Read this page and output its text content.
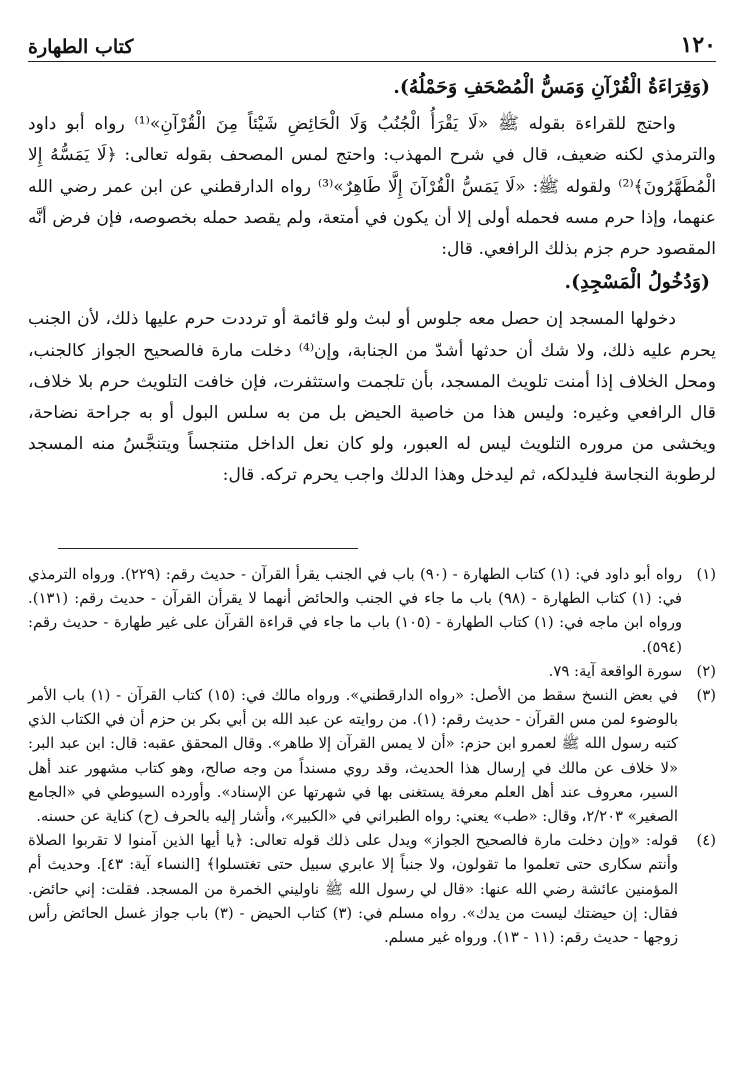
١٢٠
كتاب الطهارة

(وَقِرَاءَةُ الْقُرْآنِ وَمَسُّ الْمُصْحَفِ وَحَمْلُهُ).

واحتج للقراءة بقوله ﷺ «لَا يَقْرَأُ الْجُنُبُ وَلَا الْحَائِضِ شَيْئاً مِنَ الْقُرْآنِ»⁽¹⁾ رواه أبو داود والترمذي لكنه ضعيف، قال في شرح المهذب: واحتج لمس المصحف بقوله تعالى: ﴿لَا يَمَسُّهُ إِلا الْمُطَهَّرُونَ﴾⁽²⁾ ولقوله ﷺ: «لَا يَمَسُّ الْقُرْآنَ إِلَّا طَاهِرٌ»⁽³⁾ رواه الدارقطني عن ابن عمر رضي الله عنهما، وإذا حرم مسه فحمله أولى إلا أن يكون في أمتعة، ولم يقصد حمله بخصوصه، فإن فرض أنَّه المقصود حرم جزم بذلك الرافعي. قال:

(وَدُخُولُ الْمَسْجِدِ).

دخولها المسجد إن حصل معه جلوس أو لبث ولو قائمة أو ترددت حرم عليها ذلك، لأن الجنب يحرم عليه ذلك، ولا شك أن حدثها أشدّ من الجنابة، وإن⁽⁴⁾ دخلت مارة فالصحيح الجواز كالجنب، ومحل الخلاف إذا أمنت تلويث المسجد، بأن تلجمت واستثفرت، فإن خافت التلويث حرم بلا خلاف، قال الرافعي وغيره: وليس هذا من خاصية الحيض بل من به سلس البول أو به جراحة نضاحة، ويخشى من مروره التلويث ليس له العبور، ولو كان نعل الداخل متنجساً ويتنجَّسُ منه المسجد لرطوبة النجاسة فليدلكه، ثم ليدخل وهذا الدلك واجب يحرم تركه. قال:

(١)
رواه أبو داود في: (١) كتاب الطهارة - (٩٠) باب في الجنب يقرأ القرآن - حديث رقم: (٢٢٩). ورواه الترمذي في: (١) كتاب الطهارة - (٩٨) باب ما جاء في الجنب والحائض أنهما لا يقرأن القرآن - حديث رقم: (١٣١). ورواه ابن ماجه في: (١) كتاب الطهارة - (١٠٥) باب ما جاء في قراءة القرآن على غير طهارة - حديث رقم: (٥٩٤).
(٢)
سورة الواقعة آية: ٧٩.
(٣)
في بعض النسخ سقط من الأصل: «رواه الدارقطني». ورواه مالك في: (١٥) كتاب القرآن - (١) باب الأمر بالوضوء لمن مس القرآن - حديث رقم: (١). من روايته عن عبد الله بن أبي بكر بن حزم أن في الكتاب الذي كتبه رسول الله ﷺ لعمرو ابن حزم: «أن لا يمس القرآن إلا طاهر». وقال المحقق عقبه: قال: ابن عبد البر: «لا خلاف عن مالك في إرسال هذا الحديث، وقد روي مسنداً من وجه صالح، وهو كتاب مشهور عند أهل السير، معروف عند أهل العلم معرفة يستغنى بها في شهرتها عن الإسناد». وأورده السيوطي في «الجامع الصغير» ٢/٢٠٣، وقال: «طب» يعني: رواه الطبراني في «الكبير»، وأشار إليه بالحرف (ح) كناية عن حسنه.
(٤)
قوله: «وإن دخلت مارة فالصحيح الجواز» ويدل على ذلك قوله تعالى: ﴿يا أيها الذين آمنوا لا تقربوا الصلاة وأنتم سكارى حتى تعلموا ما تقولون، ولا جنباً إلا عابري سبيل حتى تغتسلوا﴾ [النساء آية: ٤٣]. وحديث أم المؤمنين عائشة رضي الله عنها: «قال لي رسول الله ﷺ ناوليني الخمرة من المسجد. فقلت: إني حائض. فقال: إن حيضتك ليست من يدك». رواه مسلم في: (٣) كتاب الحيض - (٣) باب جواز غسل الحائض رأس زوجها - حديث رقم: (١١ - ١٣). ورواه غير مسلم.
